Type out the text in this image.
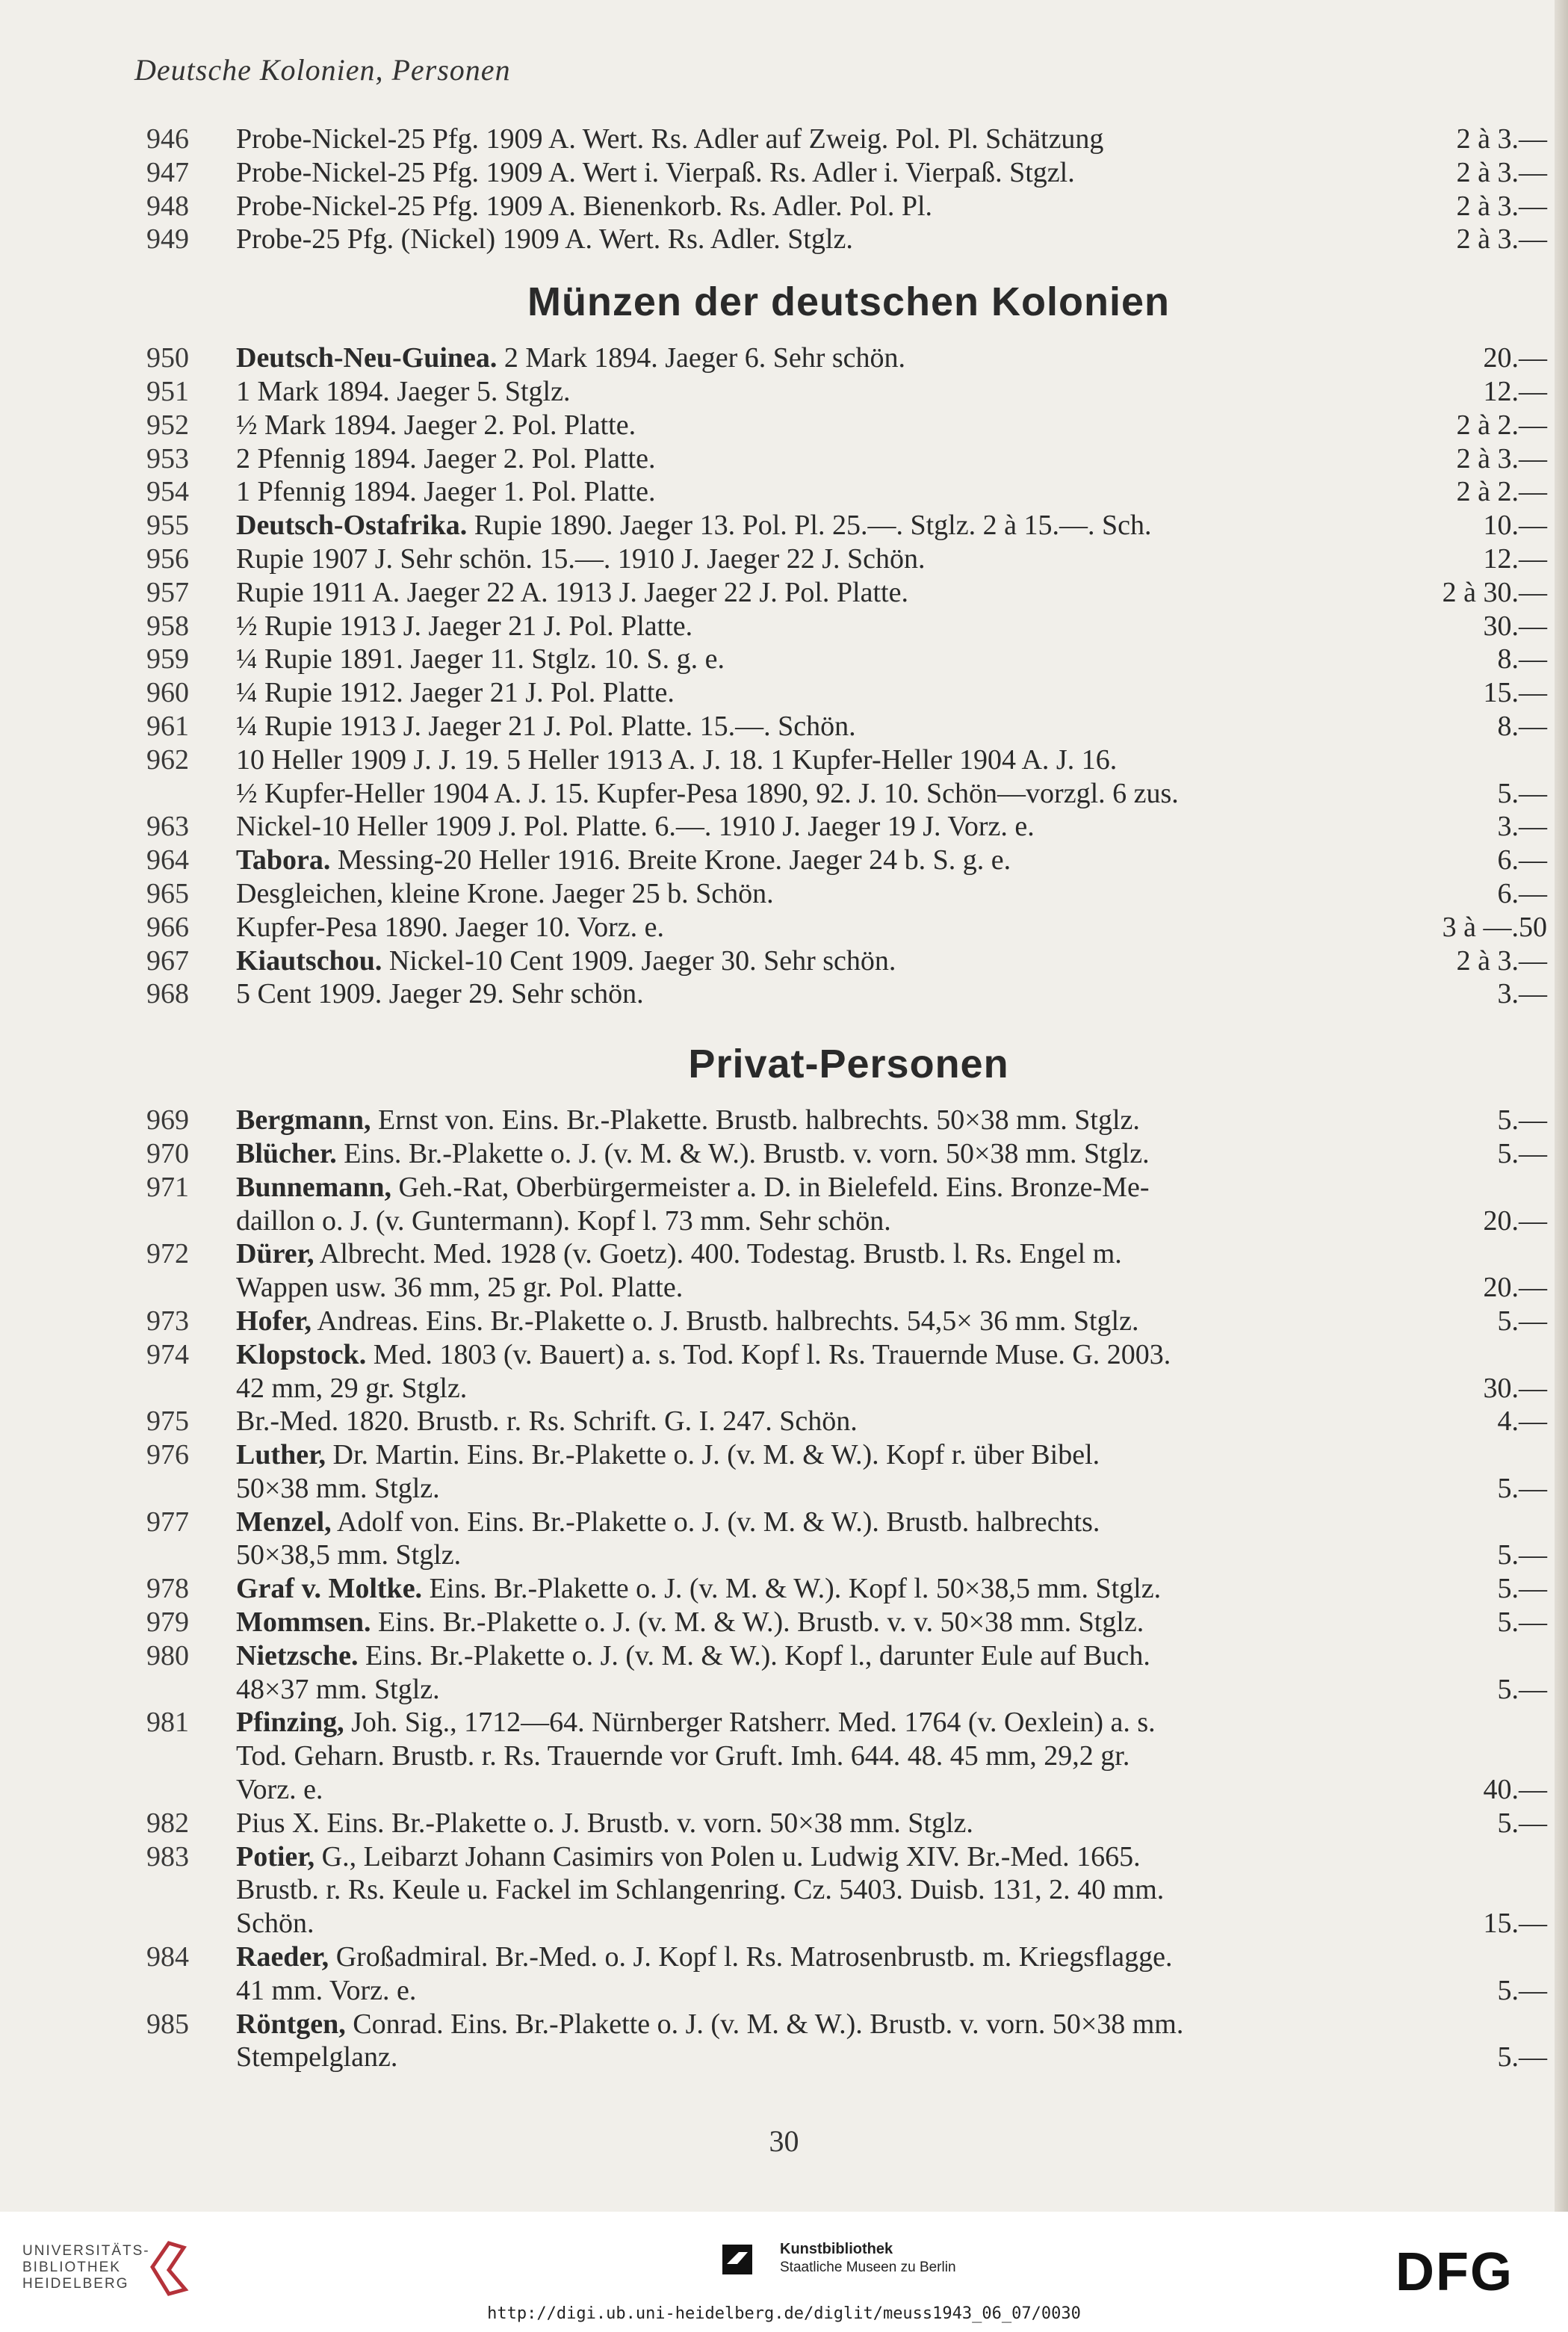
Deutsche Kolonien, Personen
946	Probe-Nickel-25 Pfg. 1909 A. Wert. Rs. Adler auf Zweig. Pol. Pl. Schätzung	2 à 3.—
947	Probe-Nickel-25 Pfg. 1909 A. Wert i. Vierpaß. Rs. Adler i. Vierpaß. Stgzl.	2 à 3.—
948	Probe-Nickel-25 Pfg. 1909 A. Bienenkorb. Rs. Adler. Pol. Pl.	2 à 3.—
949	Probe-25 Pfg. (Nickel) 1909 A. Wert. Rs. Adler. Stglz.	2 à 3.—
Münzen der deutschen Kolonien
950	Deutsch-Neu-Guinea. 2 Mark 1894. Jaeger 6. Sehr schön.	20.—
951	1 Mark 1894. Jaeger 5. Stglz.	12.—
952	½ Mark 1894. Jaeger 2. Pol. Platte.	2 à 2.—
953	2 Pfennig 1894. Jaeger 2. Pol. Platte.	2 à 3.—
954	1 Pfennig 1894. Jaeger 1. Pol. Platte.	2 à 2.—
955	Deutsch-Ostafrika. Rupie 1890. Jaeger 13. Pol. Pl. 25.—. Stglz. 2 à 15.—. Sch.	10.—
956	Rupie 1907 J. Sehr schön. 15.—. 1910 J. Jaeger 22 J. Schön.	12.—
957	Rupie 1911 A. Jaeger 22 A. 1913 J. Jaeger 22 J. Pol. Platte.	2 à 30.—
958	½ Rupie 1913 J. Jaeger 21 J. Pol. Platte.	30.—
959	¼ Rupie 1891. Jaeger 11. Stglz. 10. S. g. e.	8.—
960	¼ Rupie 1912. Jaeger 21 J. Pol. Platte.	15.—
961	¼ Rupie 1913 J. Jaeger 21 J. Pol. Platte. 15.—. Schön.	8.—
962	10 Heller 1909 J. J. 19. 5 Heller 1913 A. J. 18. 1 Kupfer-Heller 1904 A. J. 16.
½ Kupfer-Heller 1904 A. J. 15. Kupfer-Pesa 1890, 92. J. 10. Schön—vorzgl. 6 zus.	5.—
963	Nickel-10 Heller 1909 J. Pol. Platte. 6.—. 1910 J. Jaeger 19 J. Vorz. e.	3.—
964	Tabora. Messing-20 Heller 1916. Breite Krone. Jaeger 24 b. S. g. e.	6.—
965	Desgleichen, kleine Krone. Jaeger 25 b. Schön.	6.—
966	Kupfer-Pesa 1890. Jaeger 10. Vorz. e.	3 à —.50
967	Kiautschou. Nickel-10 Cent 1909. Jaeger 30. Sehr schön.	2 à 3.—
968	5 Cent 1909. Jaeger 29. Sehr schön.	3.—
Privat-Personen
969	Bergmann, Ernst von. Eins. Br.-Plakette. Brustb. halbrechts. 50×38 mm. Stglz.	5.—
970	Blücher. Eins. Br.-Plakette o. J. (v. M. & W.). Brustb. v. vorn. 50×38 mm. Stglz.	5.—
971	Bunnemann, Geh.-Rat, Oberbürgermeister a. D. in Bielefeld. Eins. Bronze-Me-
daillon o. J. (v. Guntermann). Kopf l. 73 mm. Sehr schön.	20.—
972	Dürer, Albrecht. Med. 1928 (v. Goetz). 400. Todestag. Brustb. l. Rs. Engel m.
Wappen usw. 36 mm, 25 gr. Pol. Platte.	20.—
973	Hofer, Andreas. Eins. Br.-Plakette o. J. Brustb. halbrechts. 54,5× 36 mm. Stglz.	5.—
974	Klopstock. Med. 1803 (v. Bauert) a. s. Tod. Kopf l. Rs. Trauernde Muse. G. 2003.
42 mm, 29 gr. Stglz.	30.—
975	Br.-Med. 1820. Brustb. r. Rs. Schrift. G. I. 247. Schön.	4.—
976	Luther, Dr. Martin. Eins. Br.-Plakette o. J. (v. M. & W.). Kopf r. über Bibel.
50×38 mm. Stglz.	5.—
977	Menzel, Adolf von. Eins. Br.-Plakette o. J. (v. M. & W.). Brustb. halbrechts.
50×38,5 mm. Stglz.	5.—
978	Graf v. Moltke. Eins. Br.-Plakette o. J. (v. M. & W.). Kopf l. 50×38,5 mm. Stglz.	5.—
979	Mommsen. Eins. Br.-Plakette o. J. (v. M. & W.). Brustb. v. v. 50×38 mm. Stglz.	5.—
980	Nietzsche. Eins. Br.-Plakette o. J. (v. M. & W.). Kopf l., darunter Eule auf Buch.
48×37 mm. Stglz.	5.—
981	Pfinzing, Joh. Sig., 1712—64. Nürnberger Ratsherr. Med. 1764 (v. Oexlein) a. s.
Tod. Geharn. Brustb. r. Rs. Trauernde vor Gruft. Imh. 644. 48. 45 mm, 29,2 gr.
Vorz. e.	40.—
982	Pius X. Eins. Br.-Plakette o. J. Brustb. v. vorn. 50×38 mm. Stglz.	5.—
983	Potier, G., Leibarzt Johann Casimirs von Polen u. Ludwig XIV. Br.-Med. 1665.
Brustb. r. Rs. Keule u. Fackel im Schlangenring. Cz. 5403. Duisb. 131, 2. 40 mm.
Schön.	15.—
984	Raeder, Großadmiral. Br.-Med. o. J. Kopf l. Rs. Matrosenbrustb. m. Kriegsflagge.
41 mm. Vorz. e.	5.—
985	Röntgen, Conrad. Eins. Br.-Plakette o. J. (v. M. & W.). Brustb. v. vorn. 50×38 mm.
Stempelglanz.	5.—
30
UNIVERSITÄTS-
BIBLIOTHEK
HEIDELBERG
Kunstbibliothek
Staatliche Museen zu Berlin	DFG
http://digi.ub.uni-heidelberg.de/diglit/meuss1943_06_07/0030
